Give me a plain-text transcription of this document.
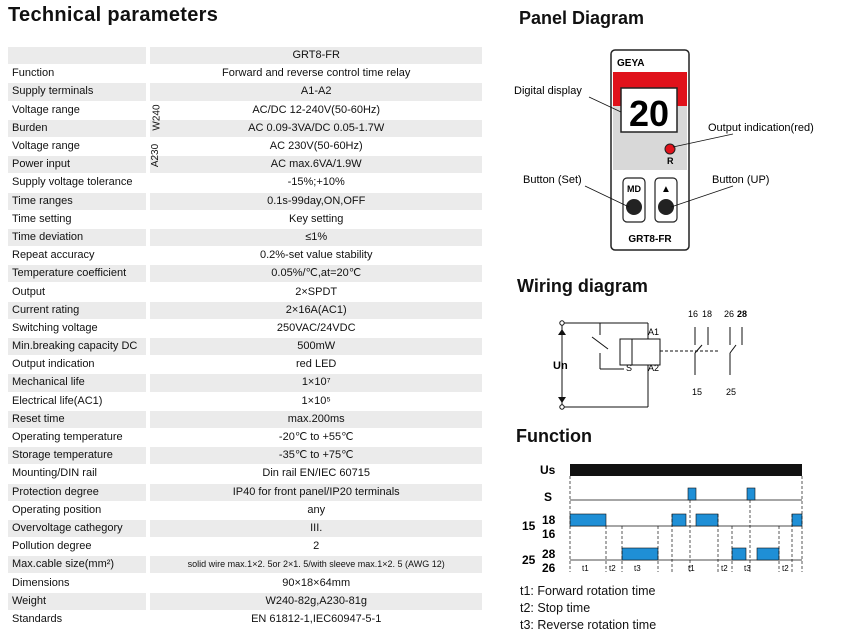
Technical parameters
		GRT8-FR
Function		Forward and reverse control time relay
Supply terminals		A1-A2
Voltage range		AC/DC 12-240V(50-60Hz)
Burden		AC 0.09-3VA/DC 0.05-1.7W
Voltage range		AC 230V(50-60Hz)
Power input		AC max.6VA/1.9W
Supply voltage tolerance		-15%;+10%
Time ranges		0.1s-99day,ON,OFF
Time setting		Key setting
Time deviation		≤1%
Repeat accuracy		0.2%-set value stability
Temperature coefficient		0.05%/℃,at=20℃
Output		2×SPDT
Current rating		2×16A(AC1)
Switching voltage		250VAC/24VDC
Min.breaking capacity DC		500mW
Output indication		red LED
Mechanical life		1×10⁷
Electrical life(AC1)		1×10⁵
Reset time		max.200ms
Operating temperature		-20℃ to +55℃
Storage temperature		-35℃ to +75℃
Mounting/DIN rail		Din rail EN/IEC 60715
Protection degree		IP40 for front panel/IP20 terminals
Operating position		any
Overvoltage cathegory		III.
Pollution degree		2
Max.cable size(mm²)		solid wire max.1×2. 5or 2×1. 5/with sleeve max.1×2. 5 (AWG 12)
Dimensions		90×18×64mm
Weight		W240-82g,A230-81g
Standards		EN 61812-1,IEC60947-5-1
W240
A230
Panel Diagram
GEYA
20
R
MD ▲
GRT8-FR
Digital display
Output indication(red)
Button (Set)	Button (UP)
Wiring diagram
Un
A1
A2
S
16 18 26 28
15	25
Function
Us
S
15 18
16
25 28
26	t1	t2 t3	t1	t2 t3	t2
t1: Forward rotation time
t2: Stop time
t3: Reverse rotation time
